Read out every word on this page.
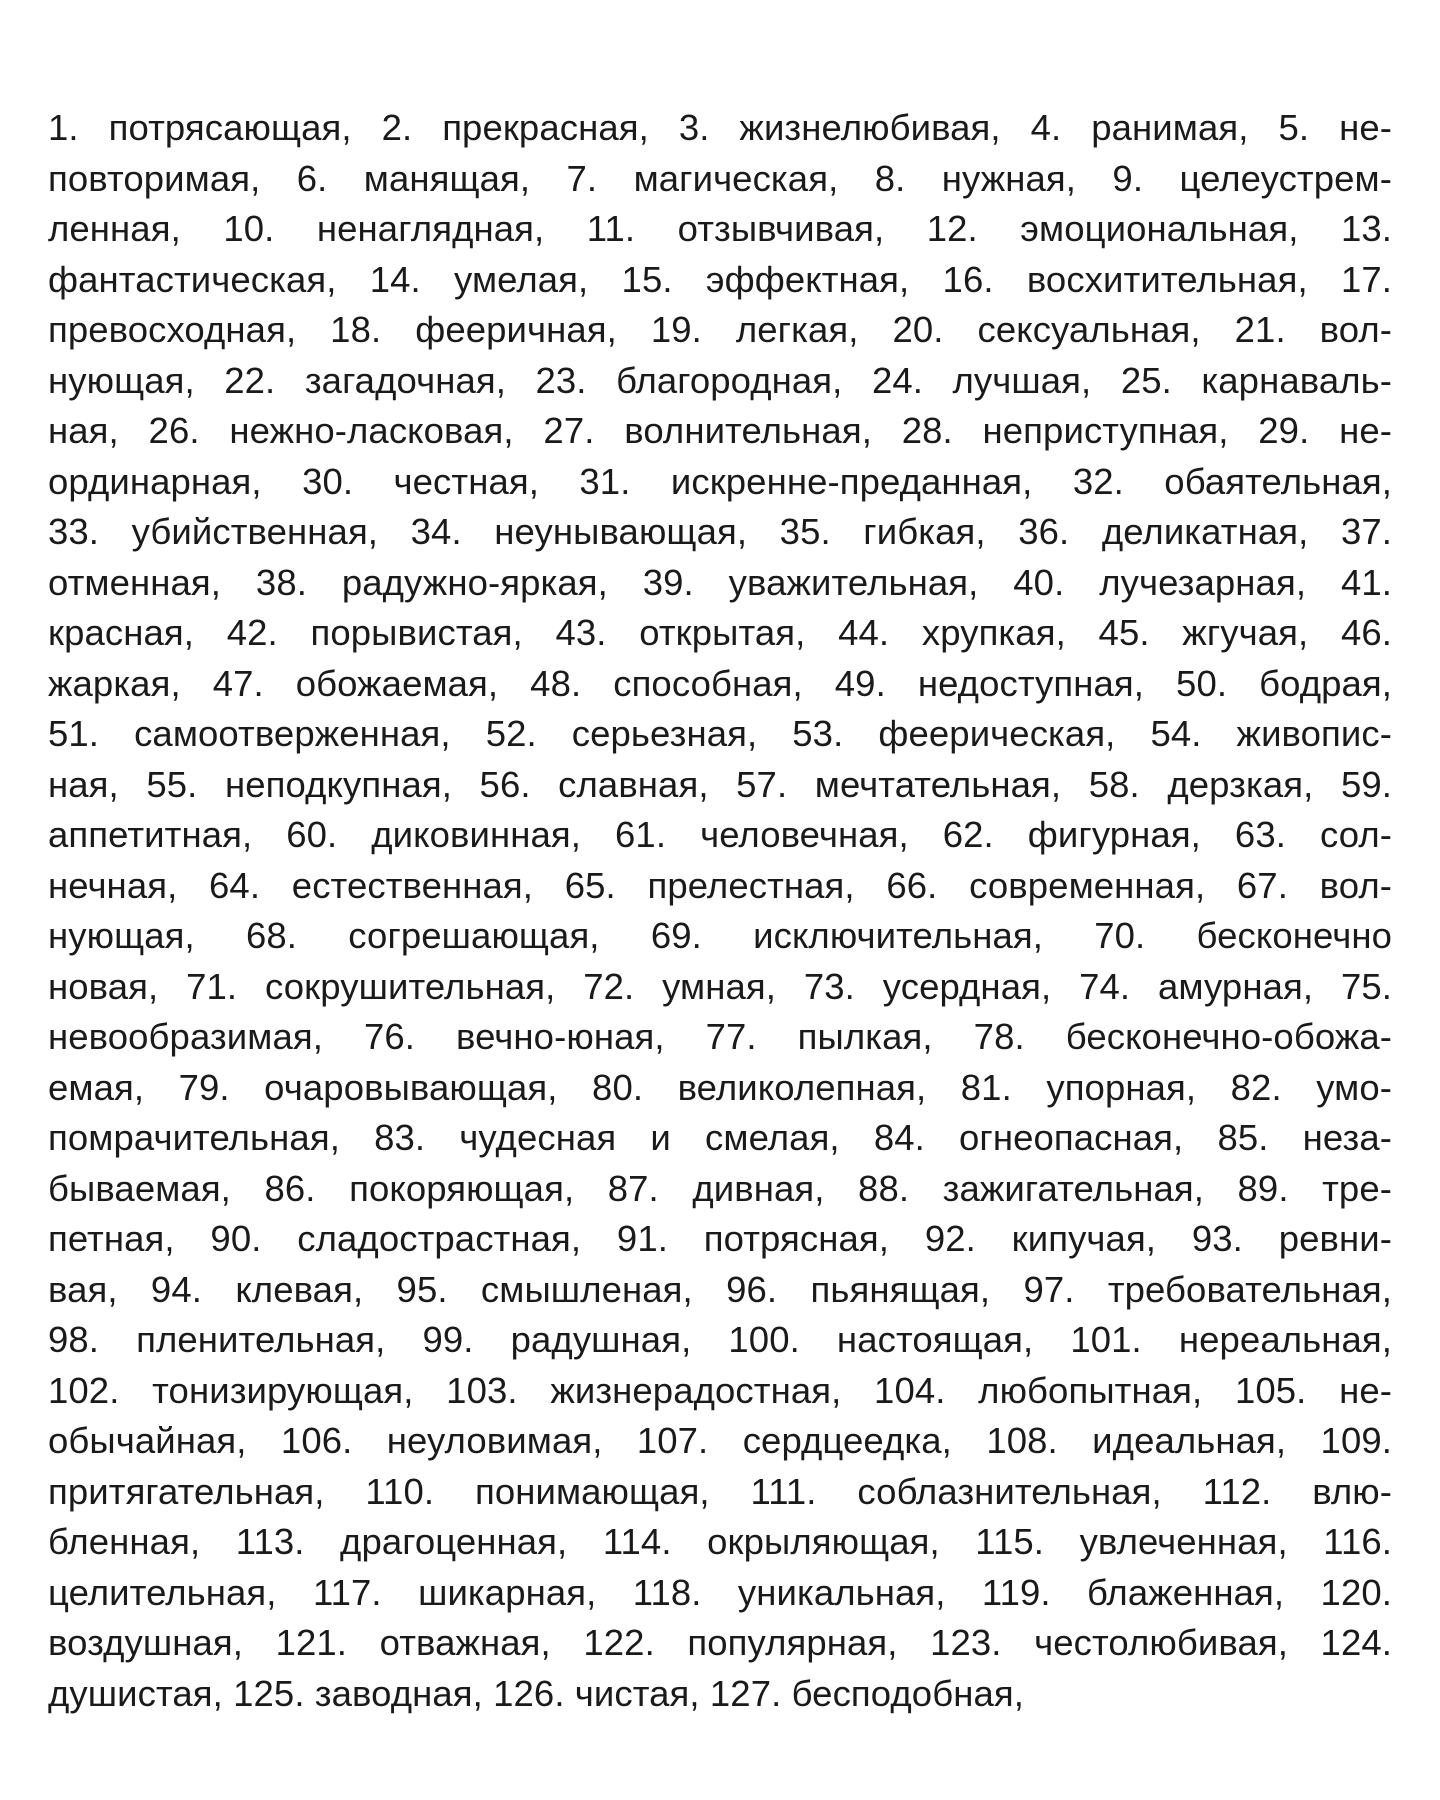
1. потрясающая, 2. прекрасная, 3. жизнелюбивая, 4. ранимая, 5. не-
повторимая, 6. манящая, 7. магическая, 8. нужная, 9. целеустрем-
ленная, 10. ненаглядная, 11. отзывчивая, 12. эмоциональная, 13.
фантастическая, 14. умелая, 15. эффектная, 16. восхитительная, 17.
превосходная, 18. фееричная, 19. легкая, 20. сексуальная, 21. вол-
нующая, 22. загадочная, 23. благородная, 24. лучшая, 25. карнаваль-
ная, 26. нежно-ласковая, 27. волнительная, 28. неприступная, 29. не-
ординарная, 30. честная, 31. искренне-преданная, 32. обаятельная,
33. убийственная, 34. неунывающая, 35. гибкая, 36. деликатная, 37.
отменная, 38. радужно-яркая, 39. уважительная, 40. лучезарная, 41.
красная, 42. порывистая, 43. открытая, 44. хрупкая, 45. жгучая, 46.
жаркая, 47. обожаемая, 48. способная, 49. недоступная, 50. бодрая,
51. самоотверженная, 52. серьезная, 53. феерическая, 54. живопис-
ная, 55. неподкупная, 56. славная, 57. мечтательная, 58. дерзкая, 59.
аппетитная, 60. диковинная, 61. человечная, 62. фигурная, 63. сол-
нечная, 64. естественная, 65. прелестная, 66. современная, 67. вол-
нующая, 68. согрешающая, 69. исключительная, 70. бесконечно
новая, 71. сокрушительная, 72. умная, 73. усердная, 74. амурная, 75.
невообразимая, 76. вечно-юная, 77. пылкая, 78. бесконечно-обожа-
емая, 79. очаровывающая, 80. великолепная, 81. упорная, 82. умо-
помрачительная, 83. чудесная и смелая, 84. огнеопасная, 85. неза-
бываемая, 86. покоряющая, 87. дивная, 88. зажигательная, 89. тре-
петная, 90. сладострастная, 91. потрясная, 92. кипучая, 93. ревни-
вая, 94. клевая, 95. смышленая, 96. пьянящая, 97. требовательная,
98. пленительная, 99. радушная, 100. настоящая, 101. нереальная,
102. тонизирующая, 103. жизнерадостная, 104. любопытная, 105. не-
обычайная, 106. неуловимая, 107. сердцеедка, 108. идеальная, 109.
притягательная, 110. понимающая, 111. соблазнительная, 112. влю-
бленная, 113. драгоценная, 114. окрыляющая, 115. увлеченная, 116.
целительная, 117. шикарная, 118. уникальная, 119. блаженная, 120.
воздушная, 121. отважная, 122. популярная, 123. честолюбивая, 124.
душистая, 125. заводная, 126. чистая, 127. бесподобная,
